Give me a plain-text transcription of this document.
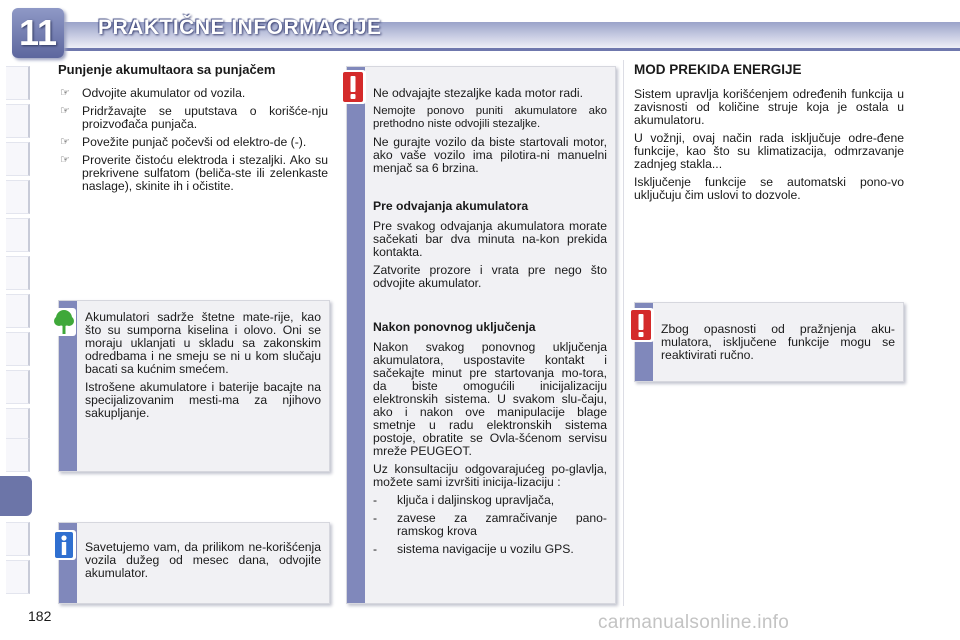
11	PRAKTIČNE INFORMACIJE
Punjenje akumultaora sa punjačem
☞ Odvojite akumulator od vozila.
☞ Pridržavajte se uputstava o korišće-nju proizvođača punjača.
☞ Povežite punjač počevši od elektro-de (-).
☞ Proverite čistoću elektroda i stezaljki. Ako su prekrivene sulfatom (belіča-ste ili zelenkaste naslage), skinite ih i očistite.

Akumulatori sadrže štetne mate-rije, kao što su sumporna kiselina i olovo. Oni se moraju uklanjati u skladu sa zakonskim odredbama i ne smeju se ni u kom slučaju bacati sa kućnim smećem.

Istrošene akumulatore i baterije bacajte na specijalizovanim mesti-ma za njihovo sakupljanje.

Savetujemo vam, da prilikom ne-korišćenja vozila dužeg od mesec dana, odvojite akumulator.

Ne odvajajte stezaljke kada motor radi.

Nemojte ponovo puniti akumulatore ako prethodno niste odvojili stezaljke.

Ne gurajte vozilo da biste startovali motor, ako vaše vozilo ima pilotira-ni manuelni menjač sa 6 brzina.

Pre odvajanja akumulatora

Pre svakog odvajanja akumulatora morate sačekati bar dva minuta na-kon prekida kontakta.

Zatvorite prozore i vrata pre nego što odvojite akumulator.

Nakon ponovnog uključenja

Nakon svakog ponovnog uključenja akumulatora, uspostavite kontakt i sačekajte minut pre startovanja mo-tora, da biste omogućili inicijalizaciju elektronskih sistema. U svakom slu-čaju, ako i nakon ove manipulacije blage smetnje u radu elektronskih sistema postoje, obratite se Ovla-šćenom servisu mreže PEUGEOT.

Uz konsultaciju odgovarajućeg po-glavlja, možete sami izvršiti inicija-lizaciju :

- ključa i daljinskog upravljača,
- zavese za zamračivanje pano-ramskog krova
- sistema navigacije u vozilu GPS.
MOD PREKIDA ENERGIJE

Sistem upravlja korišćenjem određenih funkcija u zavisnosti od količine struje koja je ostala u akumulatoru.

U vožnji, ovaj način rada isključuje odre-đene funkcije, kao što su klimatizacija, odmrzavanje zadnjeg stakla...

Isključenje funkcije se automatski pono-vo uključuju čim uslovi to dozvole.

Zbog opasnosti od pražnjenja aku-mulatora, isključene funkcije mogu se reaktivirati ručno.

182	carmanualsonline.info
